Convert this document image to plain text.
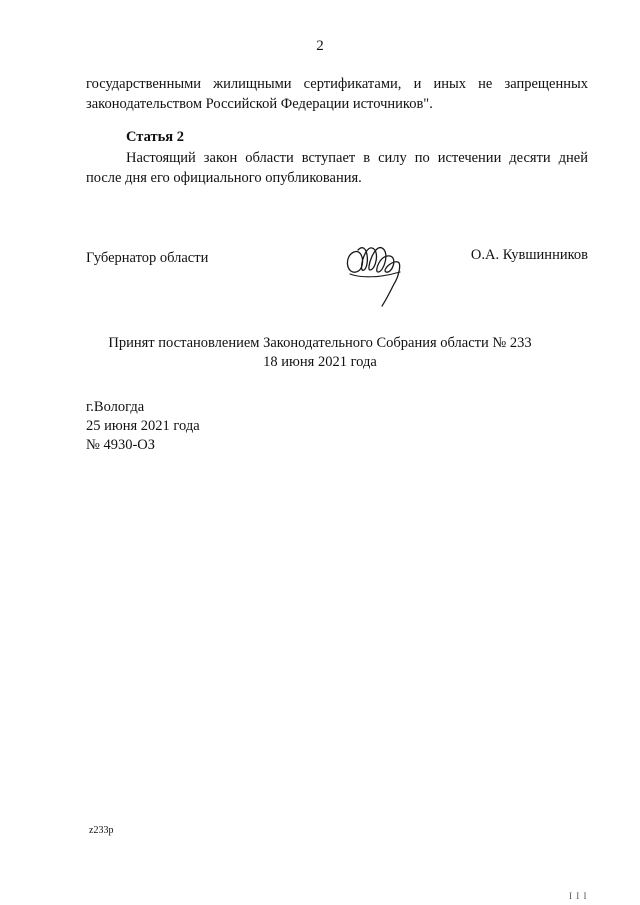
2
государственными жилищными сертификатами, и иных не запрещенных
законодательством Российской Федерации источников".
Статья 2
Настоящий закон области вступает в силу по истечении десяти дней
после дня его официального опубликования.
Губернатор области	О.А. Кувшинников
Принят постановлением Законодательного Собрания области № 233
18 июня 2021 года
г.Вологда
25 июня 2021 года
№ 4930-ОЗ
z233p
I I I
